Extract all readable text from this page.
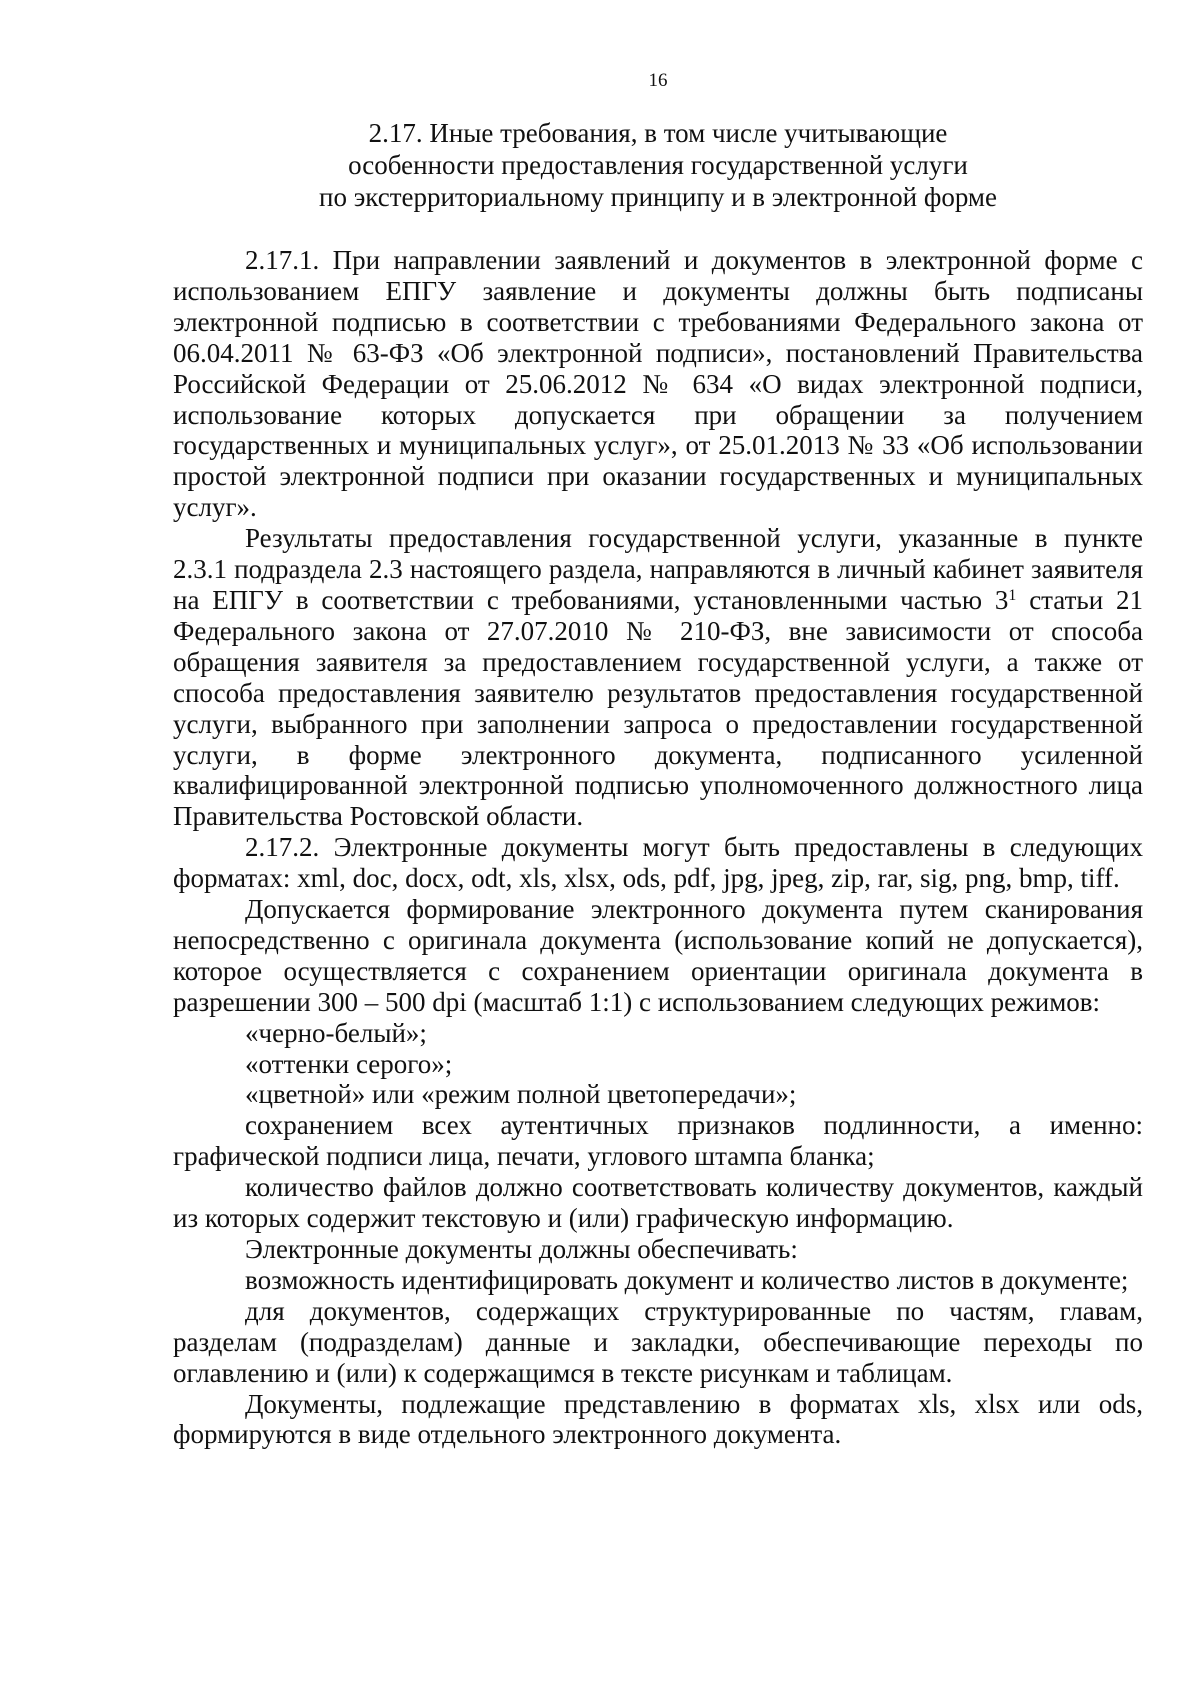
16
2.17. Иные требования, в том числе учитывающие
особенности предоставления государственной услуги
по экстерриториальному принципу и в электронной форме

2.17.1. При направлении заявлений и документов в электронной форме с использованием ЕПГУ заявление и документы должны быть подписаны электронной подписью в соответствии с требованиями Федерального закона от 06.04.2011 № 63-ФЗ «Об электронной подписи», постановлений Правительства Российской Федерации от 25.06.2012 № 634 «О видах электронной подписи, использование которых допускается при обращении за получением государственных и муниципальных услуг», от 25.01.2013 № 33 «Об использовании простой электронной подписи при оказании государственных и муниципальных услуг».

Результаты предоставления государственной услуги, указанные в пункте 2.3.1 подраздела 2.3 настоящего раздела, направляются в личный кабинет заявителя на ЕПГУ в соответствии с требованиями, установленными частью $3^1$ статьи 21 Федерального закона от 27.07.2010 № 210-ФЗ, вне зависимости от способа обращения заявителя за предоставлением государственной услуги, а также от способа предоставления заявителю результатов предоставления государственной услуги, выбранного при заполнении запроса о предоставлении государственной услуги, в форме электронного документа, подписанного усиленной квалифицированной электронной подписью уполномоченного должностного лица Правительства Ростовской области.

2.17.2. Электронные документы могут быть предоставлены в следующих форматах: xml, doc, docx, odt, xls, xlsx, ods, pdf, jpg, jpeg, zip, rar, sig, png, bmp, tiff.

Допускается формирование электронного документа путем сканирования непосредственно с оригинала документа (использование копий не допускается), которое осуществляется с сохранением ориентации оригинала документа в разрешении 300 – 500 dpi (масштаб 1:1) с использованием следующих режимов:

«черно-белый»;

«оттенки серого»;

«цветной» или «режим полной цветопередачи»;

сохранением всех аутентичных признаков подлинности, а именно: графической подписи лица, печати, углового штампа бланка;

количество файлов должно соответствовать количеству документов, каждый из которых содержит текстовую и (или) графическую информацию.

Электронные документы должны обеспечивать:

возможность идентифицировать документ и количество листов в документе;

для документов, содержащих структурированные по частям, главам, разделам (подразделам) данные и закладки, обеспечивающие переходы по оглавлению и (или) к содержащимся в тексте рисункам и таблицам.

Документы, подлежащие представлению в форматах xls, xlsx или ods, формируются в виде отдельного электронного документа.
